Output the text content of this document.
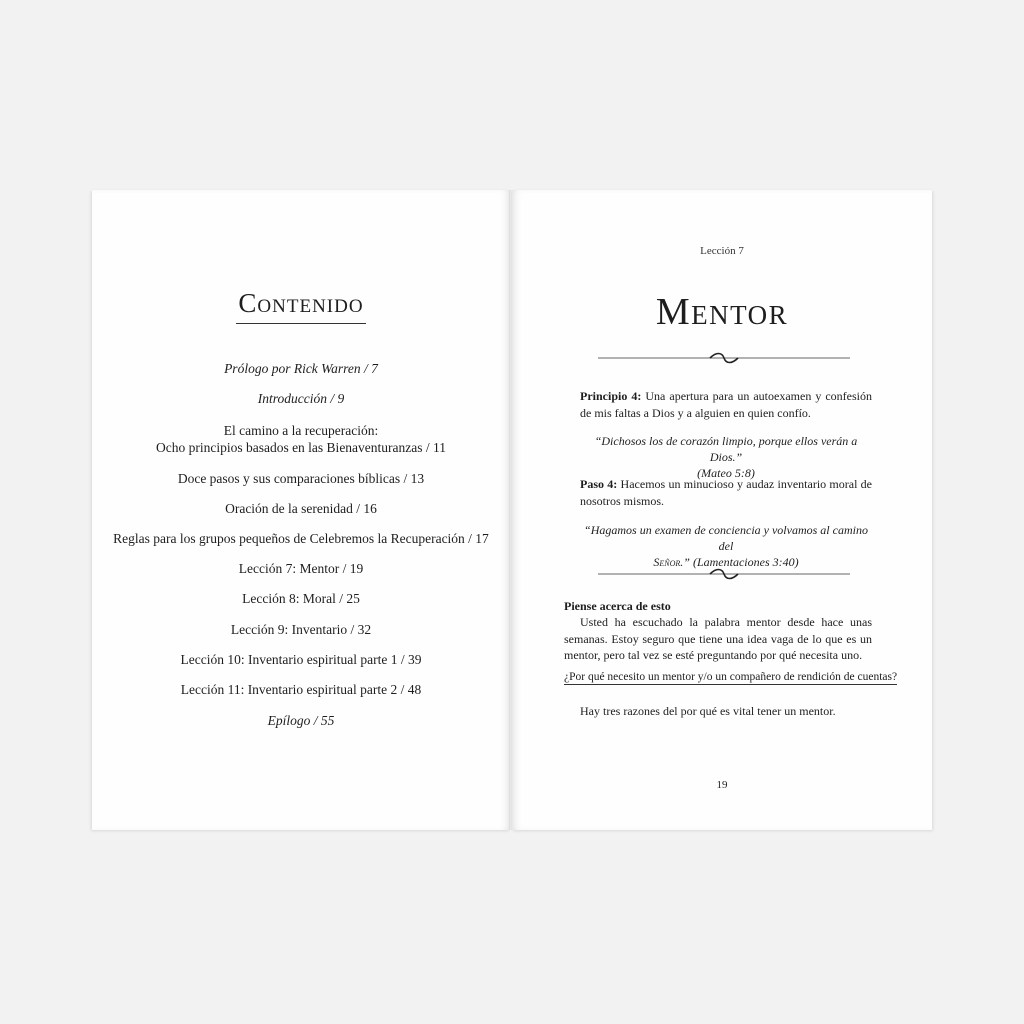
Contenido
Prólogo por Rick Warren / 7
Introducción / 9
El camino a la recuperación:
Ocho principios basados en las Bienaventuranzas / 11
Doce pasos y sus comparaciones bíblicas / 13
Oración de la serenidad / 16
Reglas para los grupos pequeños de Celebremos la Recuperación / 17
Lección 7: Mentor / 19
Lección 8: Moral / 25
Lección 9: Inventario / 32
Lección 10: Inventario espiritual parte 1 / 39
Lección 11: Inventario espiritual parte 2 / 48
Epílogo / 55
Lección 7
Mentor
Principio 4: Una apertura para un autoexamen y confesión de mis faltas a Dios y a alguien en quien confío.
“Dichosos los de corazón limpio, porque ellos verán a Dios.”
(Mateo 5:8)
Paso 4: Hacemos un minucioso y audaz inventario moral de nosotros mismos.
“Hagamos un examen de conciencia y volvamos al camino del
Señor.” (Lamentaciones 3:40)
Piense acerca de esto
Usted ha escuchado la palabra mentor desde hace unas semanas. Estoy seguro que tiene una idea vaga de lo que es un mentor, pero tal vez se esté preguntando por qué necesita uno.
¿Por qué necesito un mentor y/o un compañero de rendición de cuentas?
Hay tres razones del por qué es vital tener un mentor.
19
